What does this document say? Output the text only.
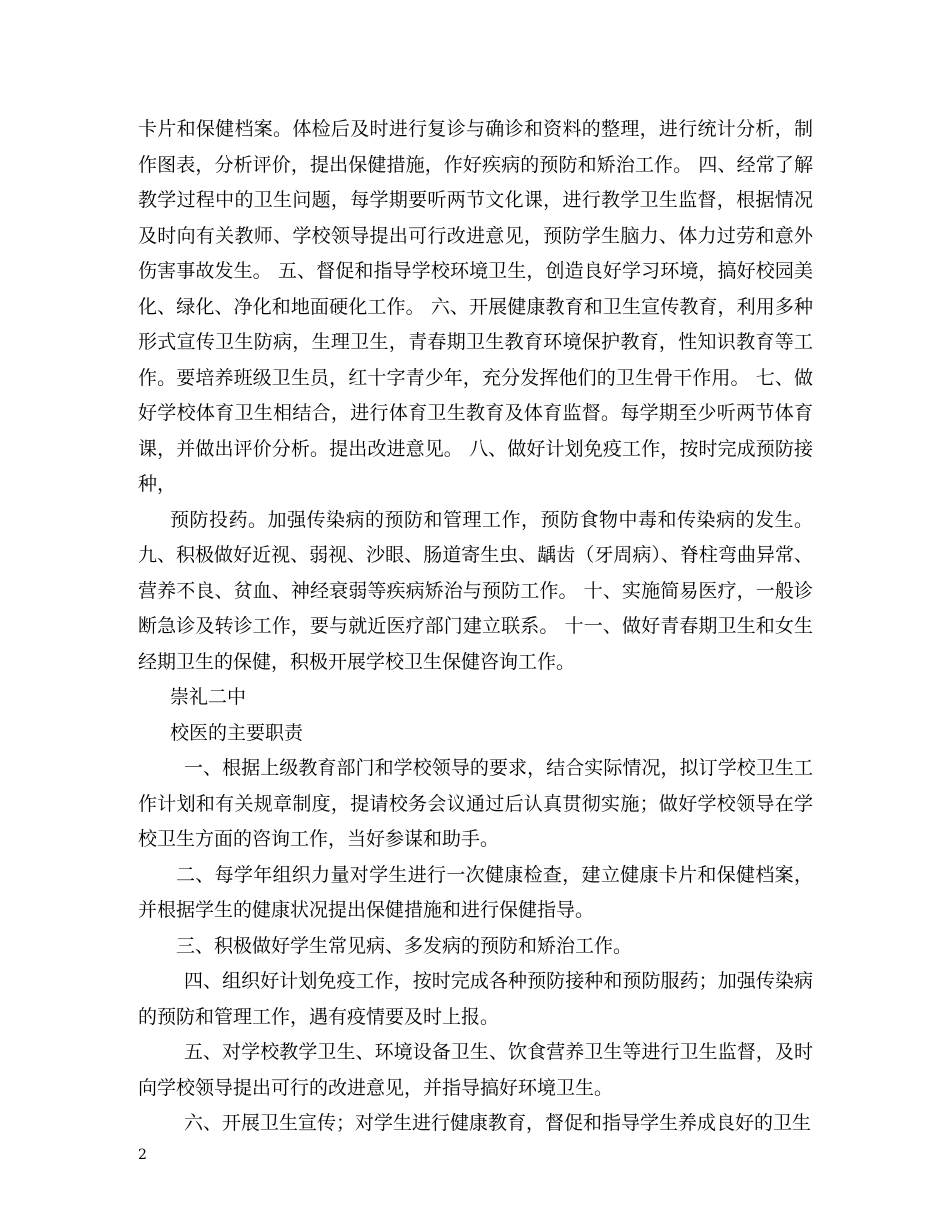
卡片和保健档案。体检后及时进行复诊与确诊和资料的整理，进行统计分析，制作图表，分析评价，提出保健措施，作好疾病的预防和矫治工作。 四、经常了解教学过程中的卫生问题，每学期要听两节文化课，进行教学卫生监督，根据情况及时向有关教师、学校领导提出可行改进意见，预防学生脑力、体力过劳和意外伤害事故发生。 五、督促和指导学校环境卫生，创造良好学习环境，搞好校园美化、绿化、净化和地面硬化工作。 六、开展健康教育和卫生宣传教育，利用多种形式宣传卫生防病，生理卫生，青春期卫生教育环境保护教育，性知识教育等工作。要培养班级卫生员，红十字青少年，充分发挥他们的卫生骨干作用。 七、做好学校体育卫生相结合，进行体育卫生教育及体育监督。每学期至少听两节体育课，并做出评价分析。提出改进意见。 八、做好计划免疫工作，按时完成预防接种，

预防投药。加强传染病的预防和管理工作，预防食物中毒和传染病的发生。 九、积极做好近视、弱视、沙眼、肠道寄生虫、龋齿（牙周病）、脊柱弯曲异常、营养不良、贫血、神经衰弱等疾病矫治与预防工作。 十、实施简易医疗，一般诊断急诊及转诊工作，要与就近医疗部门建立联系。 十一、做好青春期卫生和女生经期卫生的保健，积极开展学校卫生保健咨询工作。

崇礼二中

校医的主要职责

一、根据上级教育部门和学校领导的要求，结合实际情况，拟订学校卫生工作计划和有关规章制度，提请校务会议通过后认真贯彻实施；做好学校领导在学校卫生方面的咨询工作，当好参谋和助手。

二、每学年组织力量对学生进行一次健康检查，建立健康卡片和保健档案，并根据学生的健康状况提出保健措施和进行保健指导。

三、积极做好学生常见病、多发病的预防和矫治工作。

四、组织好计划免疫工作，按时完成各种预防接种和预防服药；加强传染病的预防和管理工作，遇有疫情要及时上报。

五、对学校教学卫生、环境设备卫生、饮食营养卫生等进行卫生监督，及时向学校领导提出可行的改进意见，并指导搞好环境卫生。

六、开展卫生宣传；对学生进行健康教育，督促和指导学生养成良好的卫生

2
